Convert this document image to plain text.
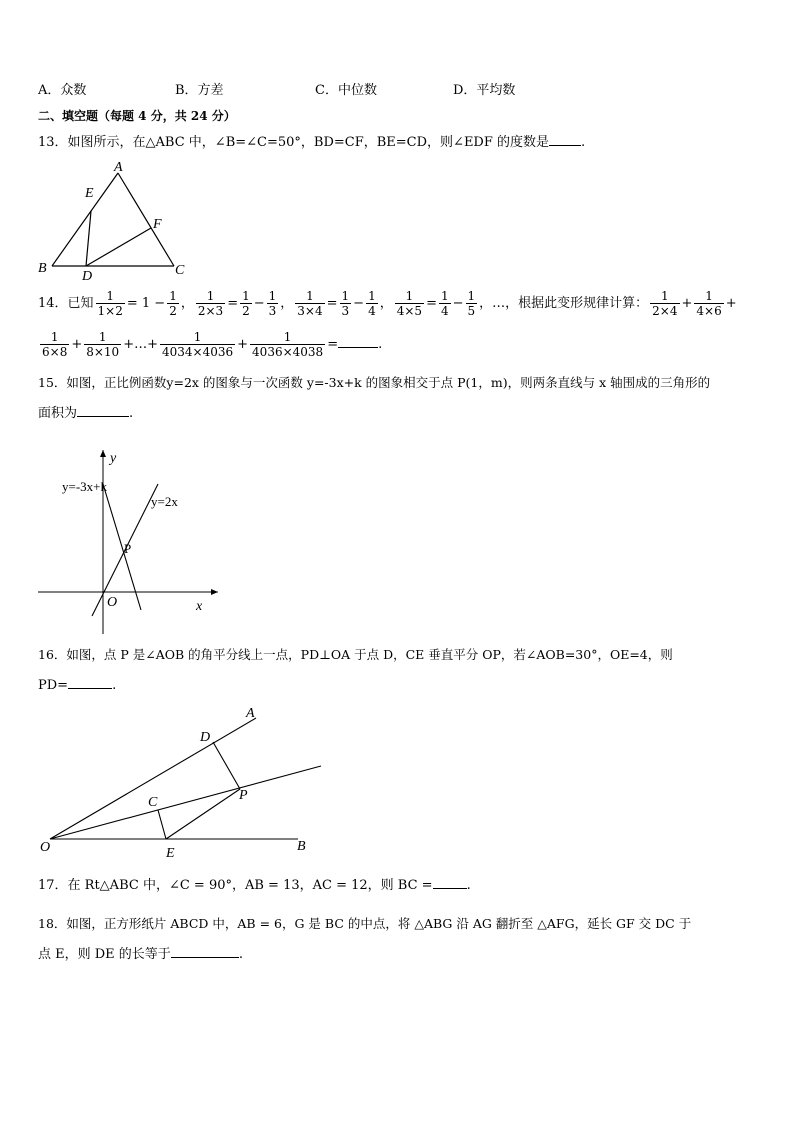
A．众数	B．方差	C．中位数	D．平均数
二、填空题（每题 4 分，共 24 分）
13．如图所示，在△ABC 中，∠B=∠C=50°，BD=CF，BE=CD，则∠EDF 的度数是 .
A
B	C
D
E
F
14．已知 $\frac{1}{1\times 2} = 1 - \frac{1}{2}$ ， $\frac{1}{2\times 3} = \frac{1}{2} - \frac{1}{3}$ ， $\frac{1}{3\times 4} = \frac{1}{3} - \frac{1}{4}$ ， $\frac{1}{4\times 5} = \frac{1}{4} - \frac{1}{5}$ ，…，根据此变形规律计算： $\frac{1}{2\times 4} + \frac{1}{4\times 6}$ +
$\frac{1}{6\times 8} + \frac{1}{8\times 10}$ +…+ $\frac{1}{4034\times 4036} + \frac{1}{4036\times 4038}$ =	.
15．如图，正比例函数y=2x 的图象与一次函数 y=-3x+k 的图象相交于点 P(1，m)，则两条直线与 x 轴围成的三角形的
面积为	.
y
x
O
P
y=-3x+k
y=2x
16．如图，点 P 是∠AOB 的角平分线上一点，PD⊥OA 于点 D，CE 垂直平分 OP，若∠AOB=30°，OE=4，则
PD=	.
A
B
O
D
P
C
E
17．在 Rt△ABC 中，∠C = 90°，AB = 13，AC = 12，则 BC =	.
18．如图，正方形纸片 ABCD 中，AB = 6，G 是 BC 的中点，将 △ABG 沿 AG 翻折至 △AFG，延长 GF 交 DC 于
点 E，则 DE 的长等于	.
